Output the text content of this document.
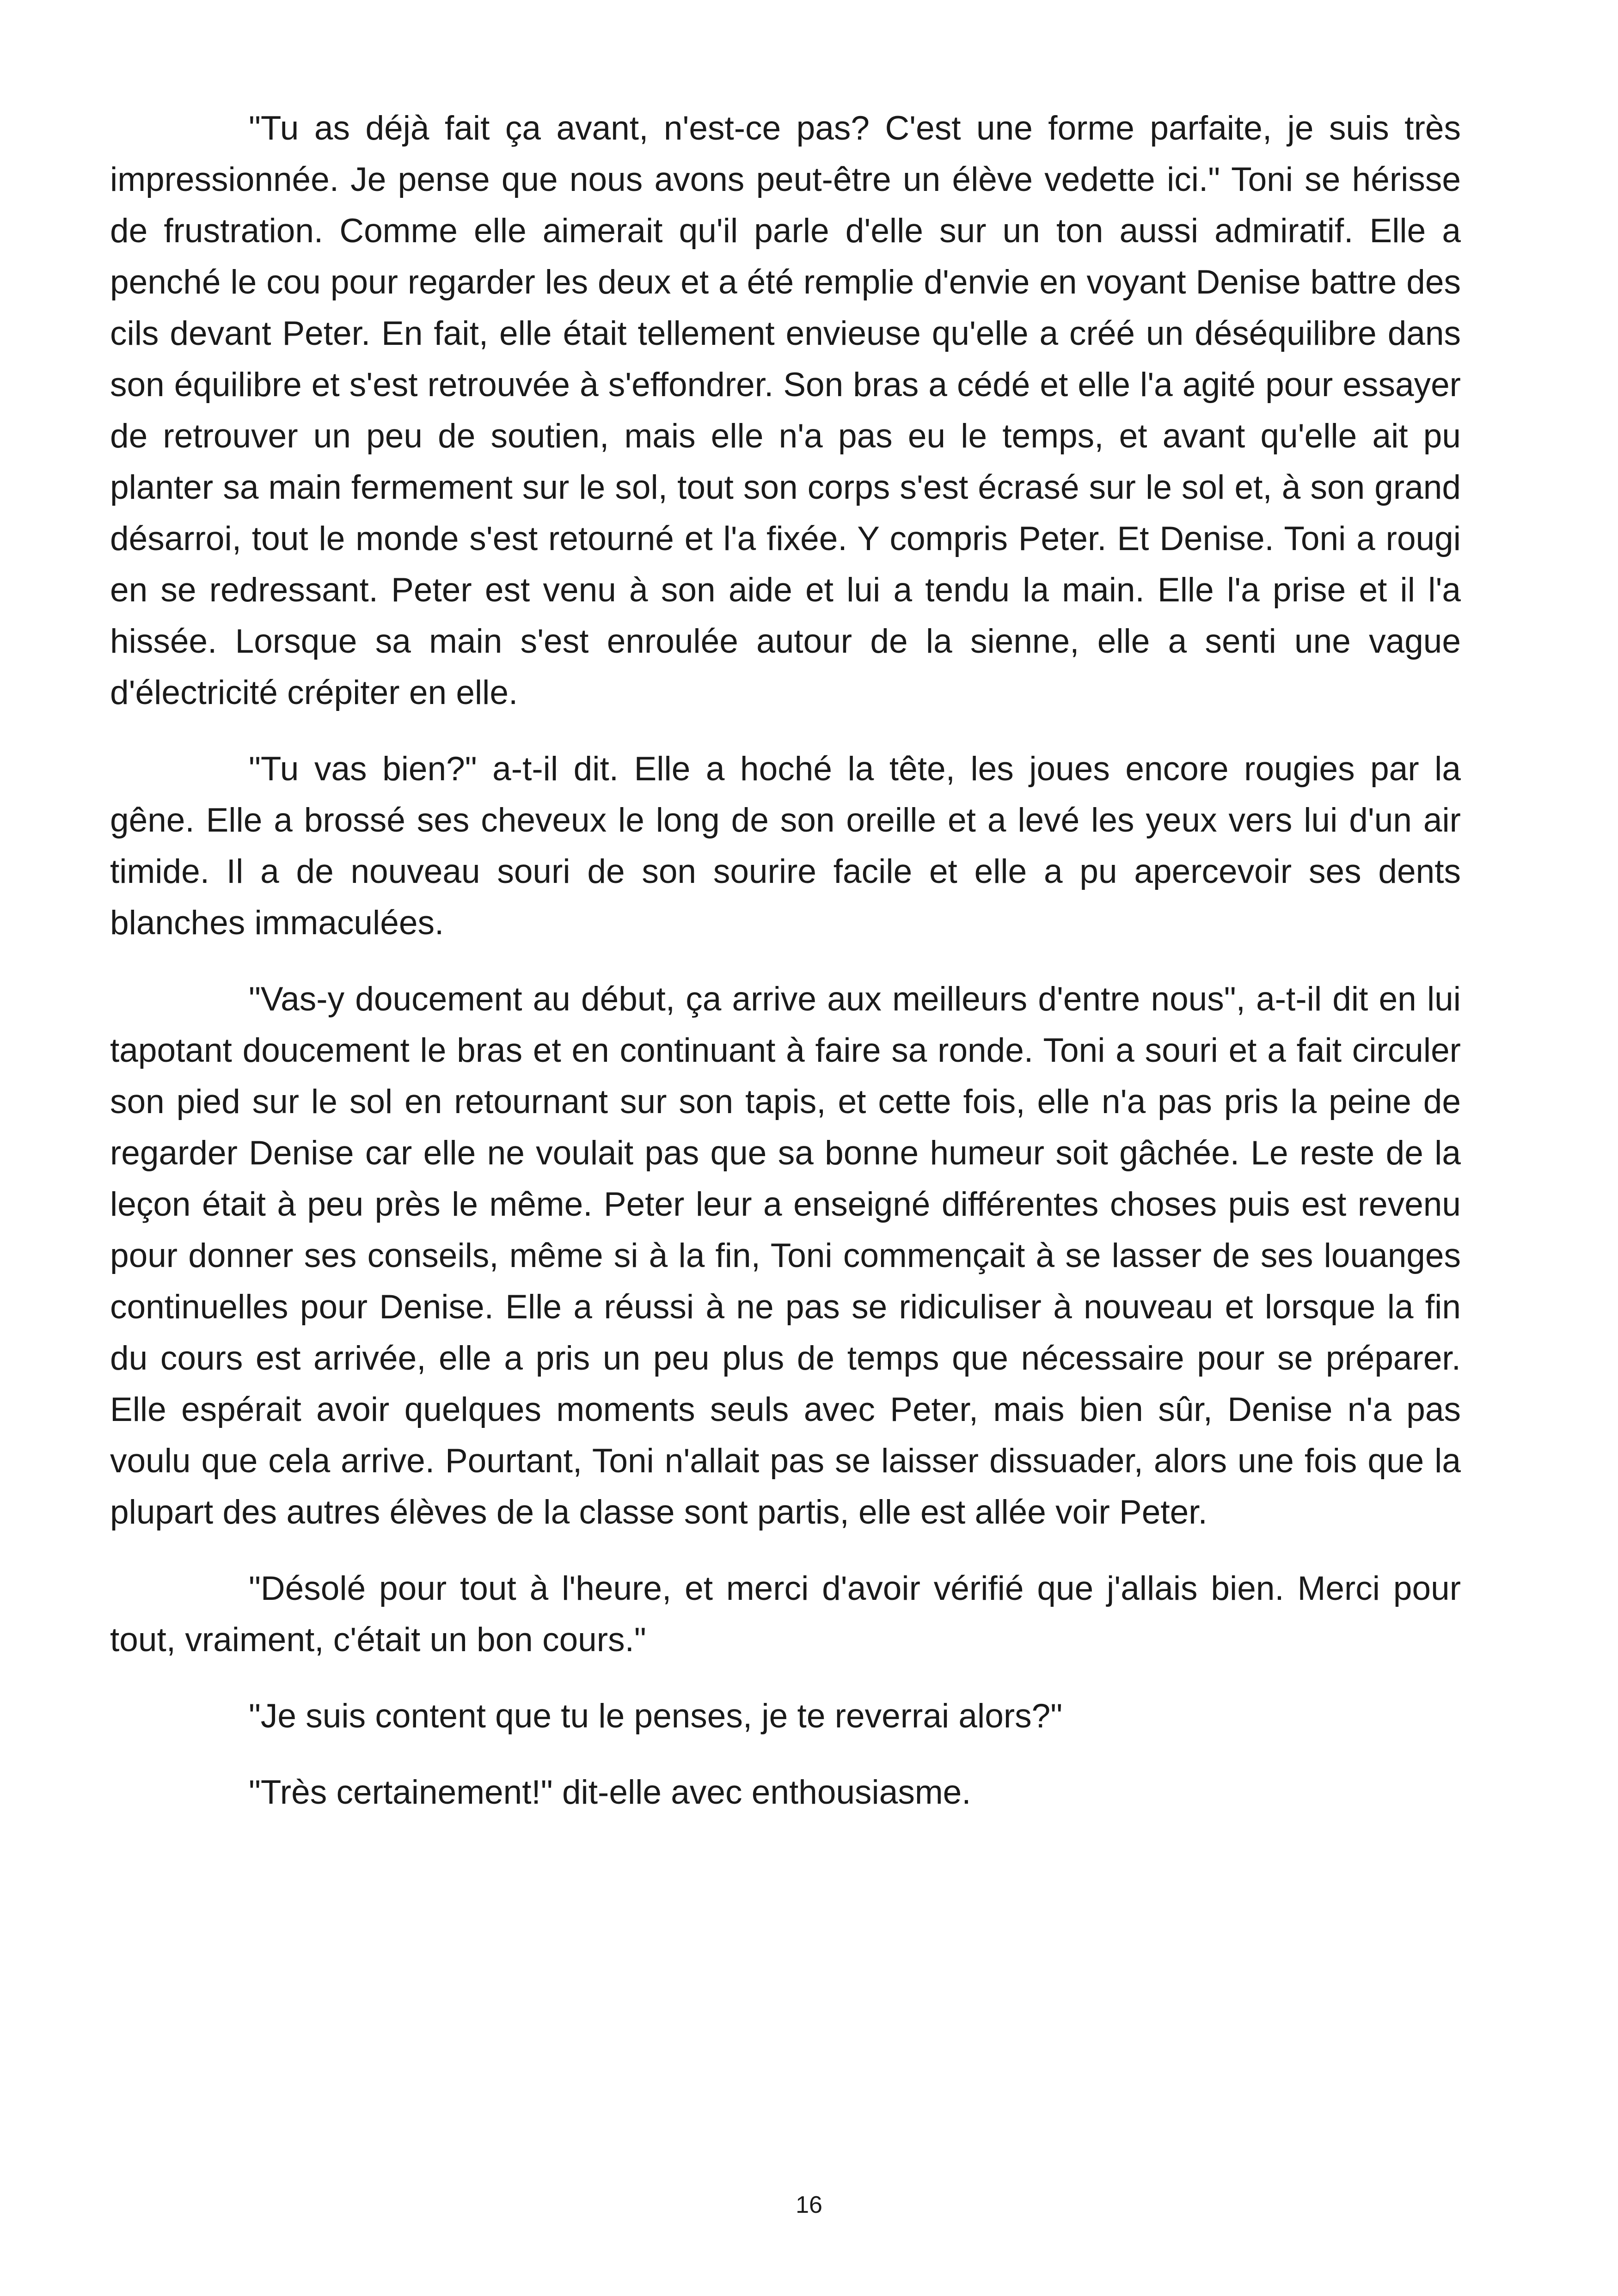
"Tu as déjà fait ça avant, n'est-ce pas? C'est une forme parfaite, je suis très impressionnée. Je pense que nous avons peut-être un élève vedette ici." Toni se hérisse de frustration. Comme elle aimerait qu'il parle d'elle sur un ton aussi admiratif. Elle a penché le cou pour regarder les deux et a été remplie d'envie en voyant Denise battre des cils devant Peter. En fait, elle était tellement envieuse qu'elle a créé un déséquilibre dans son équilibre et s'est retrouvée à s'effondrer. Son bras a cédé et elle l'a agité pour essayer de retrouver un peu de soutien, mais elle n'a pas eu le temps, et avant qu'elle ait pu planter sa main fermement sur le sol, tout son corps s'est écrasé sur le sol et, à son grand désarroi, tout le monde s'est retourné et l'a fixée. Y compris Peter. Et Denise. Toni a rougi en se redressant. Peter est venu à son aide et lui a tendu la main. Elle l'a prise et il l'a hissée. Lorsque sa main s'est enroulée autour de la sienne, elle a senti une vague d'électricité crépiter en elle.

"Tu vas bien?" a-t-il dit. Elle a hoché la tête, les joues encore rougies par la gêne. Elle a brossé ses cheveux le long de son oreille et a levé les yeux vers lui d'un air timide. Il a de nouveau souri de son sourire facile et elle a pu apercevoir ses dents blanches immaculées.

"Vas-y doucement au début, ça arrive aux meilleurs d'entre nous", a-t-il dit en lui tapotant doucement le bras et en continuant à faire sa ronde. Toni a souri et a fait circuler son pied sur le sol en retournant sur son tapis, et cette fois, elle n'a pas pris la peine de regarder Denise car elle ne voulait pas que sa bonne humeur soit gâchée. Le reste de la leçon était à peu près le même. Peter leur a enseigné différentes choses puis est revenu pour donner ses conseils, même si à la fin, Toni commençait à se lasser de ses louanges continuelles pour Denise. Elle a réussi à ne pas se ridiculiser à nouveau et lorsque la fin du cours est arrivée, elle a pris un peu plus de temps que nécessaire pour se préparer. Elle espérait avoir quelques moments seuls avec Peter, mais bien sûr, Denise n'a pas voulu que cela arrive. Pourtant, Toni n'allait pas se laisser dissuader, alors une fois que la plupart des autres élèves de la classe sont partis, elle est allée voir Peter.

"Désolé pour tout à l'heure, et merci d'avoir vérifié que j'allais bien. Merci pour tout, vraiment, c'était un bon cours."

"Je suis content que tu le penses, je te reverrai alors?"

"Très certainement!" dit-elle avec enthousiasme.

16
